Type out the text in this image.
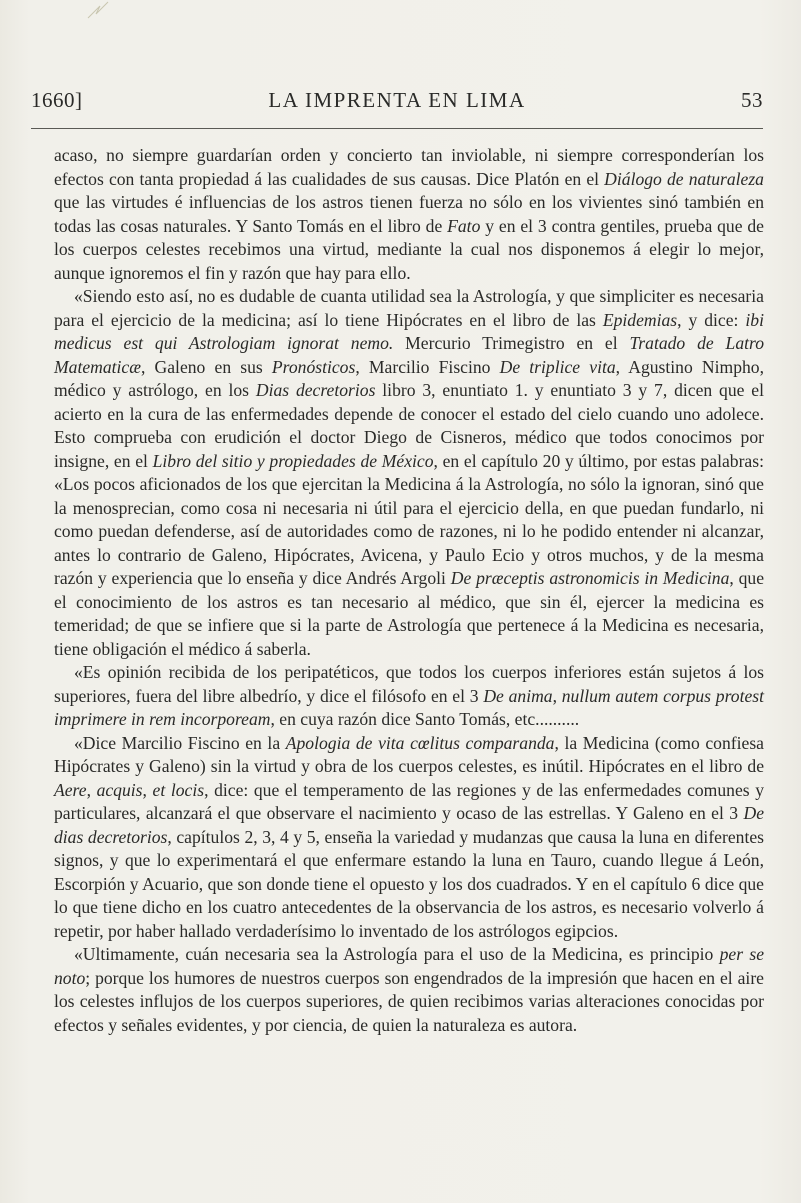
1660]	LA IMPRENTA EN LIMA	53

acaso, no siempre guardarían orden y concierto tan inviolable, ni siempre corresponderían los efectos con tanta propiedad á las cualidades de sus causas. Dice Platón en el Diálogo de naturaleza que las virtudes é influencias de los astros tienen fuerza no sólo en los vivientes sinó también en todas las cosas naturales. Y Santo Tomás en el libro de Fato y en el 3 contra gentiles, prueba que de los cuerpos celestes recebimos una virtud, mediante la cual nos disponemos á elegir lo mejor, aunque ignoremos el fin y razón que hay para ello.

«Siendo esto así, no es dudable de cuanta utilidad sea la Astrología, y que simpliciter es necesaria para el ejercicio de la medicina; así lo tiene Hipócrates en el libro de las Epidemias, y dice: ibi medicus est qui Astrologiam ignorat nemo. Mercurio Trimegistro en el Tratado de Latro Matematicæ, Galeno en sus Pronósticos, Marcilio Fiscino De triplice vita, Agustino Nimpho, médico y astrólogo, en los Dias decretorios libro 3, enuntiato 1. y enuntiato 3 y 7, dicen que el acierto en la cura de las enfermedades depende de conocer el estado del cielo cuando uno adolece. Esto comprueba con erudición el doctor Diego de Cisneros, médico que todos conocimos por insigne, en el Libro del sitio y propiedades de México, en el capítulo 20 y último, por estas palabras: «Los pocos aficionados de los que ejercitan la Medicina á la Astrología, no sólo la ignoran, sinó que la menosprecian, como cosa ni necesaria ni útil para el ejercicio della, en que puedan fundarlo, ni como puedan defenderse, así de autoridades como de razones, ni lo he podido entender ni alcanzar, antes lo contrario de Galeno, Hipócrates, Avicena, y Paulo Ecio y otros muchos, y de la mesma razón y experiencia que lo enseña y dice Andrés Argoli De præceptis astronomicis in Medicina, que el conocimiento de los astros es tan necesario al médico, que sin él, ejercer la medicina es temeridad; de que se infiere que si la parte de Astrología que pertenece á la Medicina es necesaria, tiene obligación el médico á saberla.

«Es opinión recibida de los peripatéticos, que todos los cuerpos inferiores están sujetos á los superiores, fuera del libre albedrío, y dice el filósofo en el 3 De anima, nullum autem corpus protest imprimere in rem incorpoream, en cuya razón dice Santo Tomás, etc..........

«Dice Marcilio Fiscino en la Apologia de vita cœlitus comparanda, la Medicina (como confiesa Hipócrates y Galeno) sin la virtud y obra de los cuerpos celestes, es inútil. Hipócrates en el libro de Aere, acquis, et locis, dice: que el temperamento de las regiones y de las enfermedades comunes y particulares, alcanzará el que observare el nacimiento y ocaso de las estrellas. Y Galeno en el 3 De dias decretorios, capítulos 2, 3, 4 y 5, enseña la variedad y mudanzas que causa la luna en diferentes signos, y que lo experimentará el que enfermare estando la luna en Tauro, cuando llegue á León, Escorpión y Acuario, que son donde tiene el opuesto y los dos cuadrados. Y en el capítulo 6 dice que lo que tiene dicho en los cuatro antecedentes de la observancia de los astros, es necesario volverlo á repetir, por haber hallado verdaderísimo lo inventado de los astrólogos egipcios.

«Ultimamente, cuán necesaria sea la Astrología para el uso de la Medicina, es principio per se noto; porque los humores de nuestros cuerpos son engendrados de la impresión que hacen en el aire los celestes influjos de los cuerpos superiores, de quien recibimos varias alteraciones conocidas por efectos y señales evidentes, y por ciencia, de quien la naturaleza es autora.
